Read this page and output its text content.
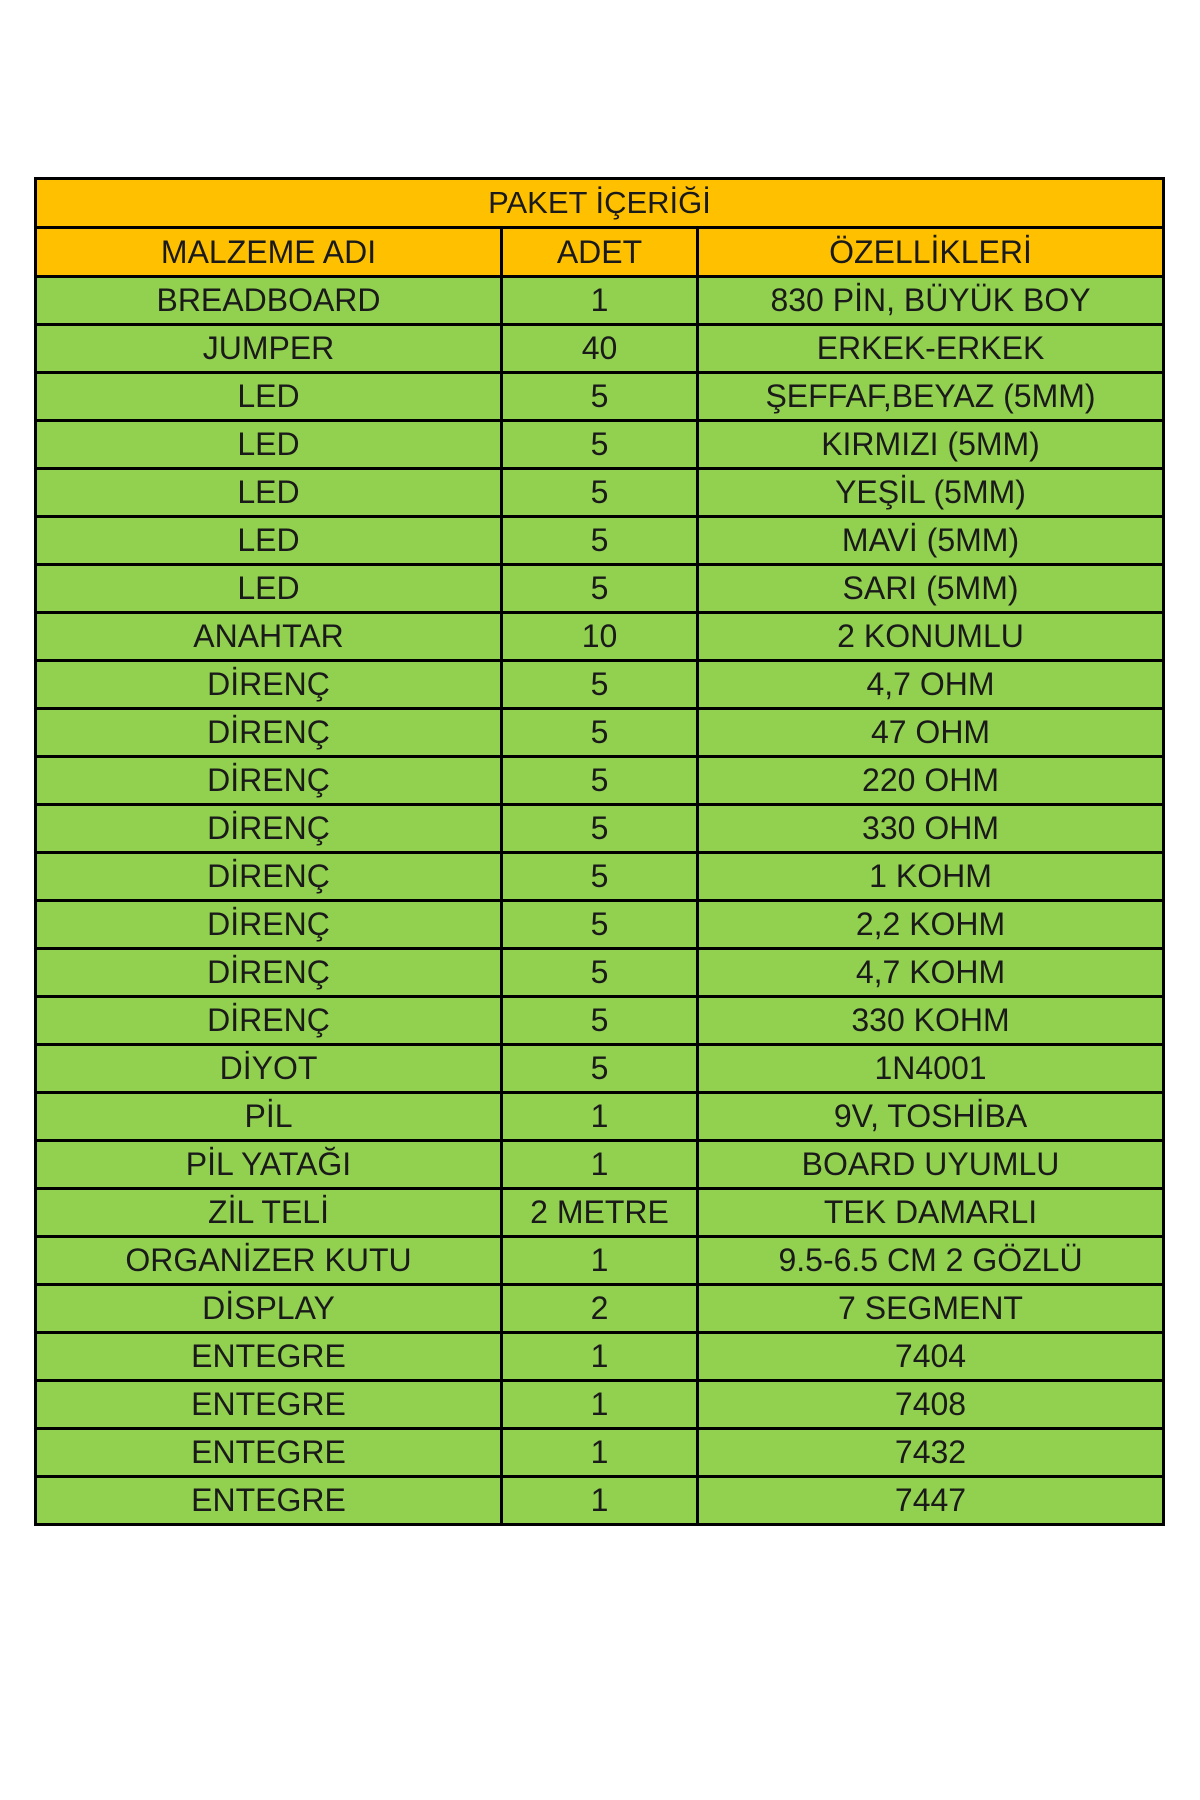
PAKET İÇERİĞİ		
MALZEME ADI	ADET	ÖZELLİKLERİ
BREADBOARD	1	830 PİN, BÜYÜK BOY
JUMPER	40	ERKEK-ERKEK
LED	5	ŞEFFAF,BEYAZ (5MM)
LED	5	KIRMIZI (5MM)
LED	5	YEŞİL (5MM)
LED	5	MAVİ (5MM)
LED	5	SARI (5MM)
ANAHTAR	10	2 KONUMLU
DİRENÇ	5	4,7 OHM
DİRENÇ	5	47 OHM
DİRENÇ	5	220 OHM
DİRENÇ	5	330 OHM
DİRENÇ	5	1 KOHM
DİRENÇ	5	2,2 KOHM
DİRENÇ	5	4,7 KOHM
DİRENÇ	5	330 KOHM
DİYOT	5	1N4001
PİL	1	9V, TOSHİBA
PİL YATAĞI	1	BOARD UYUMLU
ZİL TELİ	2 METRE	TEK DAMARLI
ORGANİZER KUTU	1	9.5-6.5 CM 2 GÖZLÜ
DİSPLAY	2	7 SEGMENT
ENTEGRE	1	7404
ENTEGRE	1	7408
ENTEGRE	1	7432
ENTEGRE	1	7447
